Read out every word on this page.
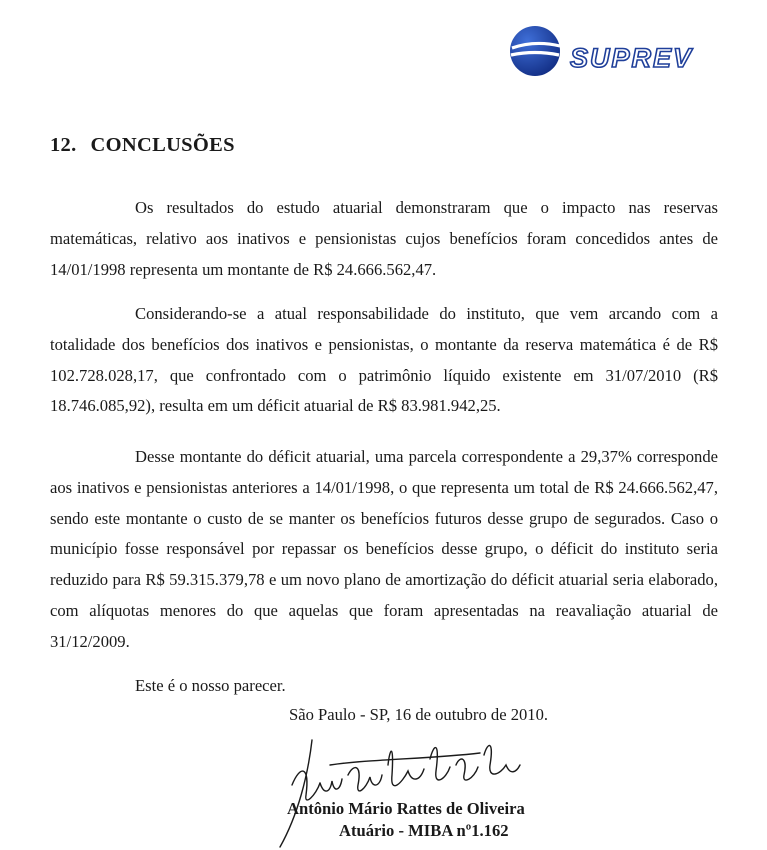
SUPREV
12. CONCLUSÕES

Os resultados do estudo atuarial demonstraram que o impacto nas reservas matemáticas, relativo aos inativos e pensionistas cujos benefícios foram concedidos antes de 14/01/1998 representa um montante de R$ 24.666.562,47.

Considerando-se a atual responsabilidade do instituto, que vem arcando com a totalidade dos benefícios dos inativos e pensionistas, o montante da reserva matemática é de R$ 102.728.028,17, que confrontado com o patrimônio líquido existente em 31/07/2010 (R$ 18.746.085,92), resulta em um déficit atuarial de R$ 83.981.942,25.

Desse montante do déficit atuarial, uma parcela correspondente a 29,37% corresponde aos inativos e pensionistas anteriores a 14/01/1998, o que representa um total de R$ 24.666.562,47, sendo este montante o custo de se manter os benefícios futuros desse grupo de segurados. Caso o município fosse responsável por repassar os benefícios desse grupo, o déficit do instituto seria reduzido para R$ 59.315.379,78 e um novo plano de amortização do déficit atuarial seria elaborado, com alíquotas menores do que aquelas que foram apresentadas na reavaliação atuarial de 31/12/2009.

Este é o nosso parecer.
São Paulo - SP, 16 de outubro de 2010.
Antônio Mário Rattes de Oliveira
Atuário - MIBA nº1.162
